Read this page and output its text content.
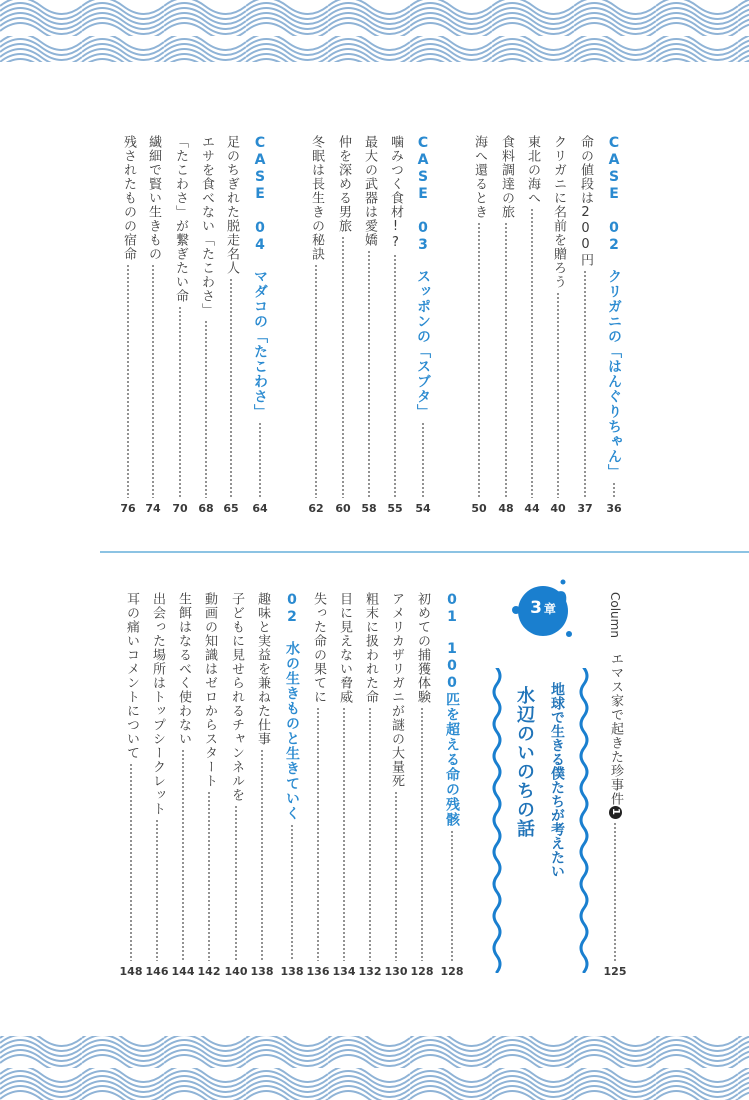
CASE 02　クリガニの「はんぐりちゃん」
36
命の値段は200円
37
クリガニに名前を贈ろう
40
東北の海へ
44
食料調達の旅
48
海へ還るとき
50
CASE 03　スッポンの「スブタ」
54
噛みつく食材!?
55
最大の武器は愛嬌
58
仲を深める男旅
60
冬眠は長生きの秘訣
62
CASE 04　マダコの「たこわさ」
64
足のちぎれた脱走名人
65
エサを食べない「たこわさ」
68
「たこわさ」が繋ぎたい命
70
繊細で賢い生きもの
74
残されたものの宿命
76
Column
エマス家で起きた珍事件1
125
3 章
地球で生きる僕たちが考えたい
水辺のいのちの話
01　100匹を超える命の残骸
128
初めての捕獲体験
128
アメリカザリガニが謎の大量死
130
粗末に扱われた命
132
目に見えない脅威
134
失った命の果てに
136
02　水の生きものと生きていく
138
趣味と実益を兼ねた仕事
138
子どもに見せられるチャンネルを
140
動画の知識はゼロからスタート
142
生餌はなるべく使わない
144
出会った場所はトップシークレット
146
耳の痛いコメントについて
148
